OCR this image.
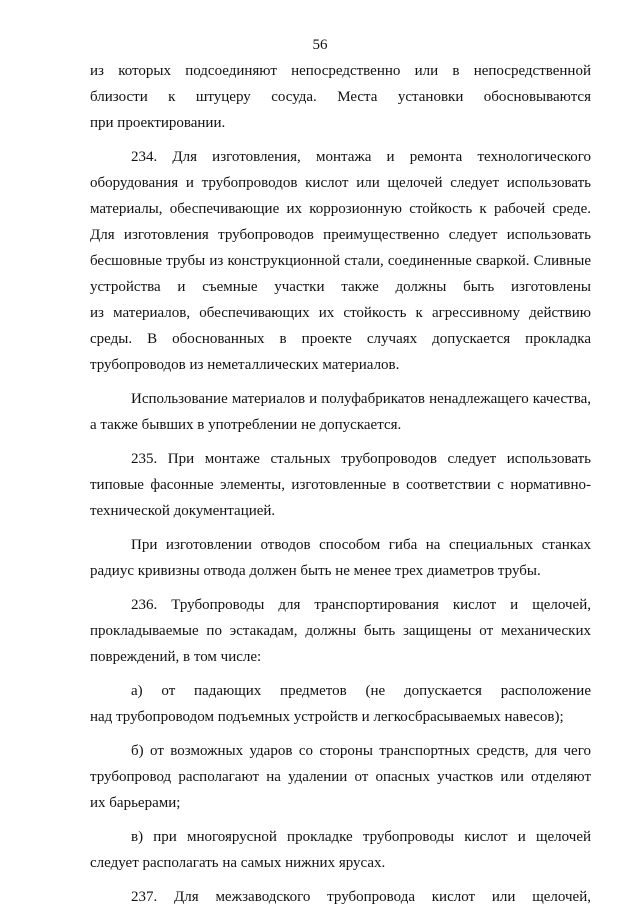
56
из которых подсоединяют непосредственно или в непосредственной
близости к штуцеру сосуда. Места установки обосновываются
при проектировании.
234. Для изготовления, монтажа и ремонта технологического
оборудования и трубопроводов кислот или щелочей следует использовать
материалы, обеспечивающие их коррозионную стойкость к рабочей среде.
Для изготовления трубопроводов преимущественно следует использовать
бесшовные трубы из конструкционной стали, соединенные сваркой. Сливные
устройства и съемные участки также должны быть изготовлены
из материалов, обеспечивающих их стойкость к агрессивному действию
среды. В обоснованных в проекте случаях допускается прокладка
трубопроводов из неметаллических материалов.
Использование материалов и полуфабрикатов ненадлежащего качества,
а также бывших в употреблении не допускается.
235. При монтаже стальных трубопроводов следует использовать
типовые фасонные элементы, изготовленные в соответствии с нормативно-
технической документацией.
При изготовлении отводов способом гиба на специальных станках
радиус кривизны отвода должен быть не менее трех диаметров трубы.
236. Трубопроводы для транспортирования кислот и щелочей,
прокладываемые по эстакадам, должны быть защищены от механических
повреждений, в том числе:
а) от падающих предметов (не допускается расположение
над трубопроводом подъемных устройств и легкосбрасываемых навесов);
б) от возможных ударов со стороны транспортных средств, для чего
трубопровод располагают на удалении от опасных участков или отделяют
их барьерами;
в) при многоярусной прокладке трубопроводы кислот и щелочей
следует располагать на самых нижних ярусах.
237. Для межзаводского трубопровода кислот или щелочей,
